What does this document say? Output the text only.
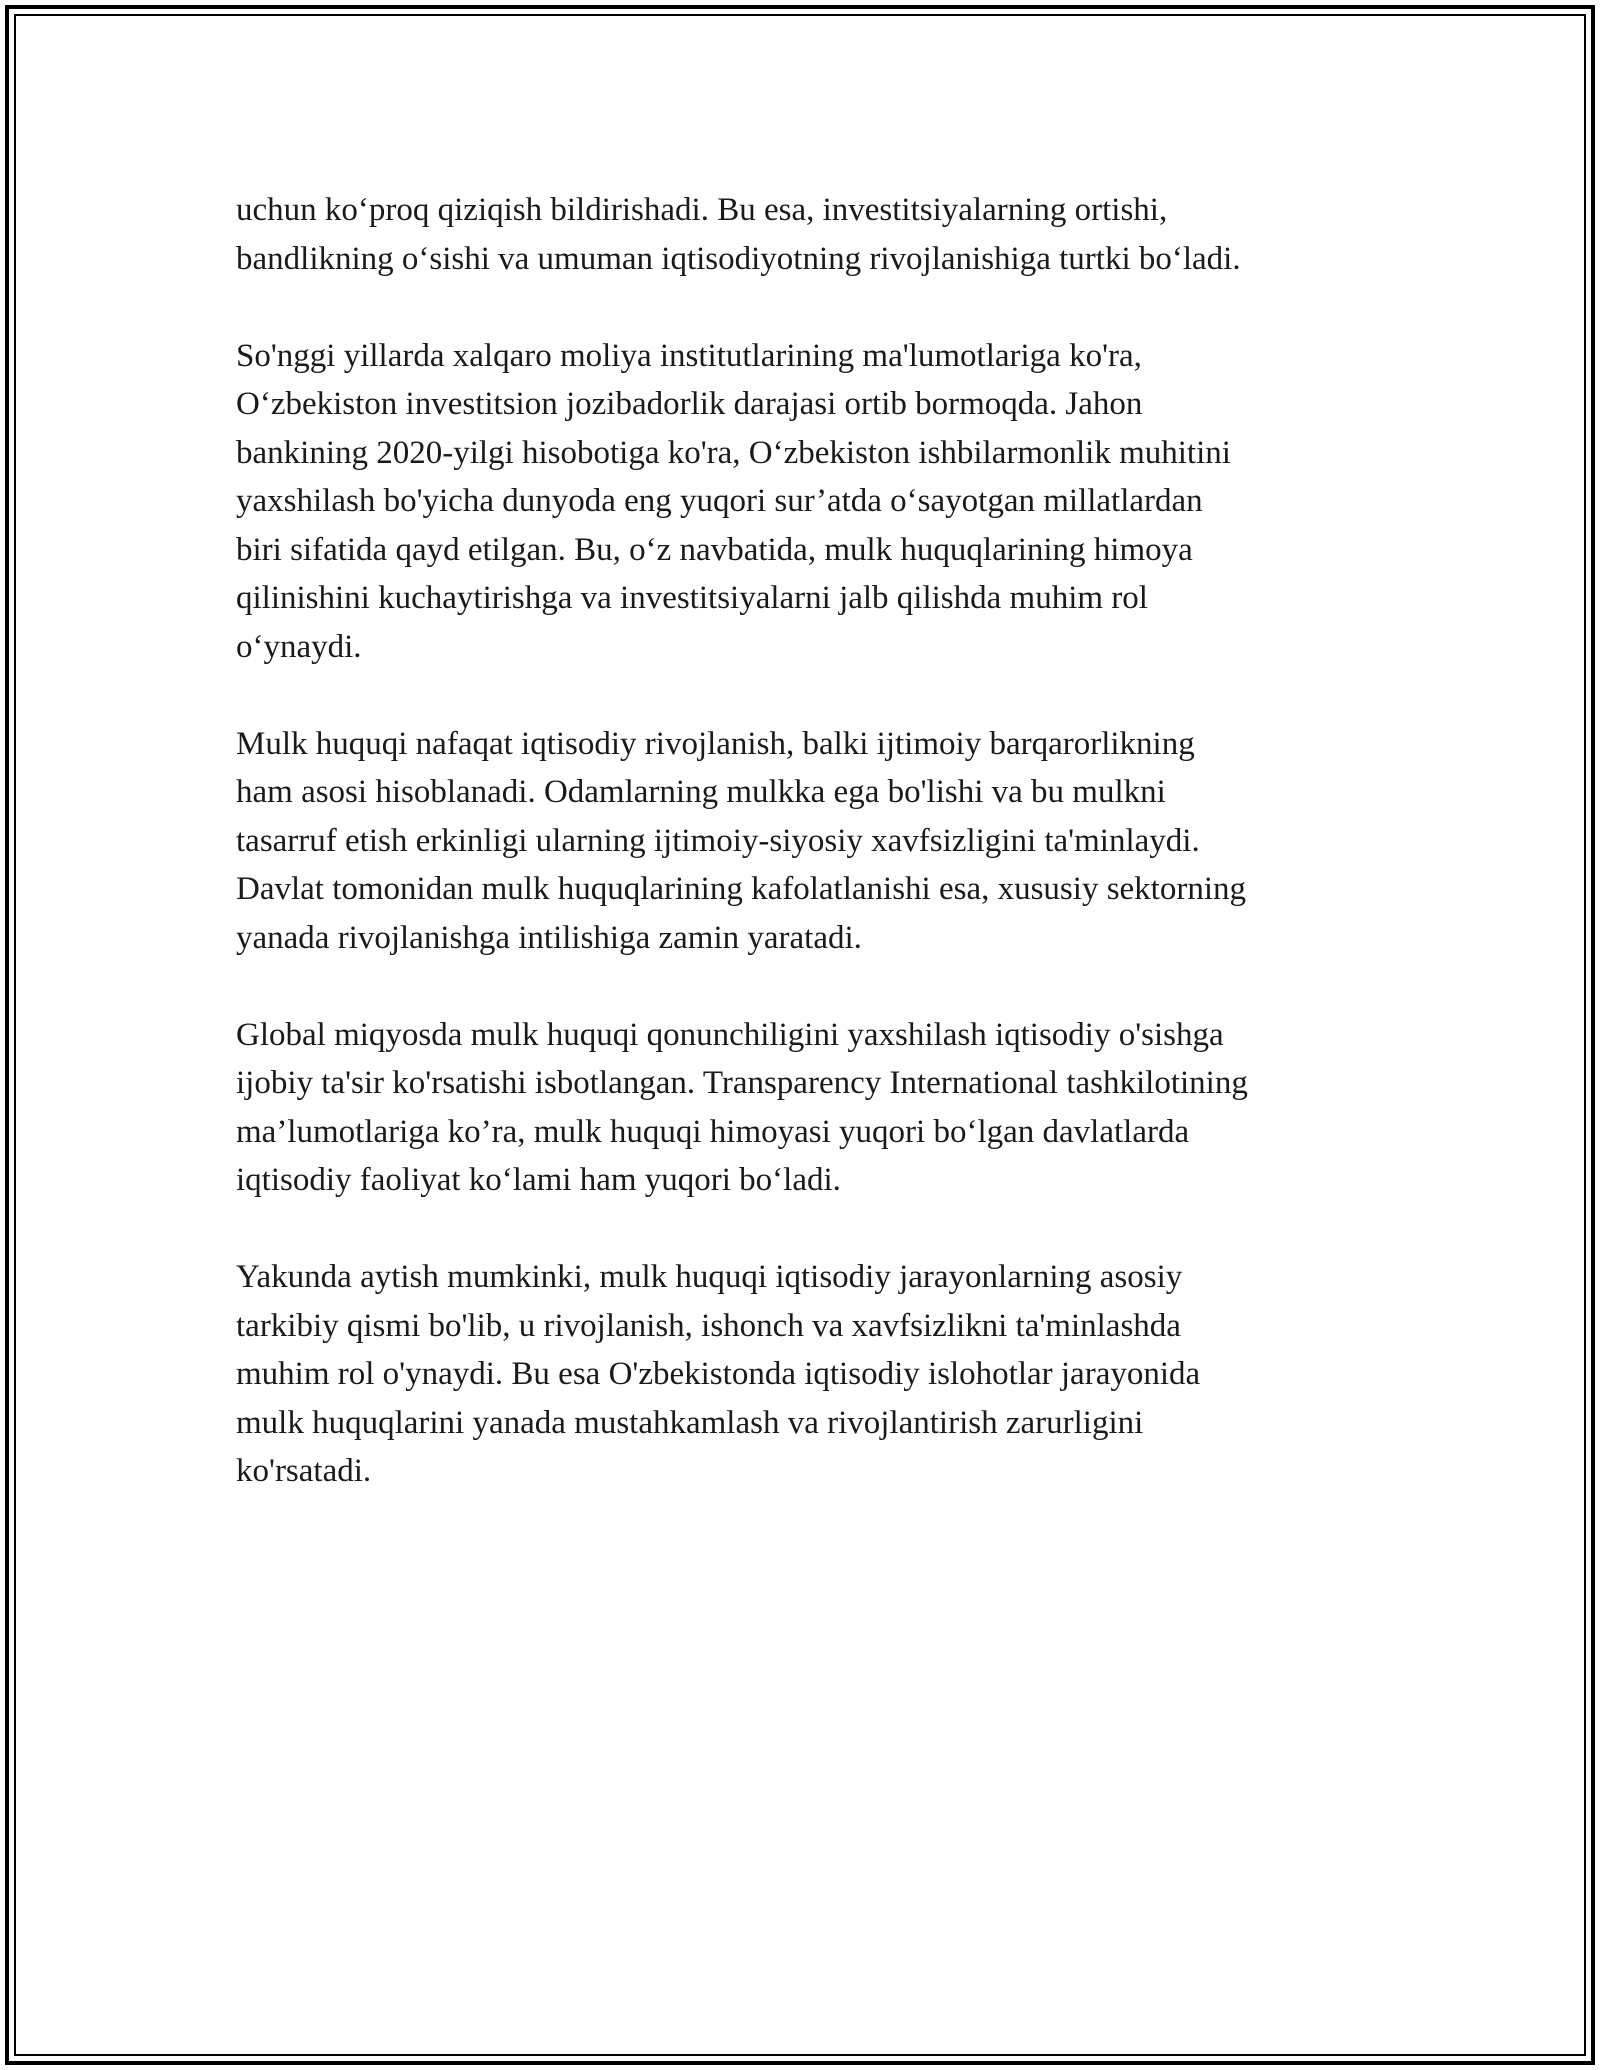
uchun ko‘proq qiziqish bildirishadi. Bu esa, investitsiyalarning ortishi,
bandlikning o‘sishi va umuman iqtisodiyotning rivojlanishiga turtki bo‘ladi.

So'nggi yillarda xalqaro moliya institutlarining ma'lumotlariga ko'ra,
O‘zbekiston investitsion jozibadorlik darajasi ortib bormoqda. Jahon
bankining 2020-yilgi hisobotiga ko'ra, O‘zbekiston ishbilarmonlik muhitini
yaxshilash bo'yicha dunyoda eng yuqori sur’atda o‘sayotgan millatlardan
biri sifatida qayd etilgan. Bu, o‘z navbatida, mulk huquqlarining himoya
qilinishini kuchaytirishga va investitsiyalarni jalb qilishda muhim rol
o‘ynaydi.

Mulk huquqi nafaqat iqtisodiy rivojlanish, balki ijtimoiy barqarorlikning
ham asosi hisoblanadi. Odamlarning mulkka ega bo'lishi va bu mulkni
tasarruf etish erkinligi ularning ijtimoiy-siyosiy xavfsizligini ta'minlaydi.
Davlat tomonidan mulk huquqlarining kafolatlanishi esa, xususiy sektorning
yanada rivojlanishga intilishiga zamin yaratadi.

Global miqyosda mulk huquqi qonunchiligini yaxshilash iqtisodiy o'sishga
ijobiy ta'sir ko'rsatishi isbotlangan. Transparency International tashkilotining
ma’lumotlariga ko’ra, mulk huquqi himoyasi yuqori bo‘lgan davlatlarda
iqtisodiy faoliyat ko‘lami ham yuqori bo‘ladi.

Yakunda aytish mumkinki, mulk huquqi iqtisodiy jarayonlarning asosiy
tarkibiy qismi bo'lib, u rivojlanish, ishonch va xavfsizlikni ta'minlashda
muhim rol o'ynaydi. Bu esa O'zbekistonda iqtisodiy islohotlar jarayonida
mulk huquqlarini yanada mustahkamlash va rivojlantirish zarurligini
ko'rsatadi.
